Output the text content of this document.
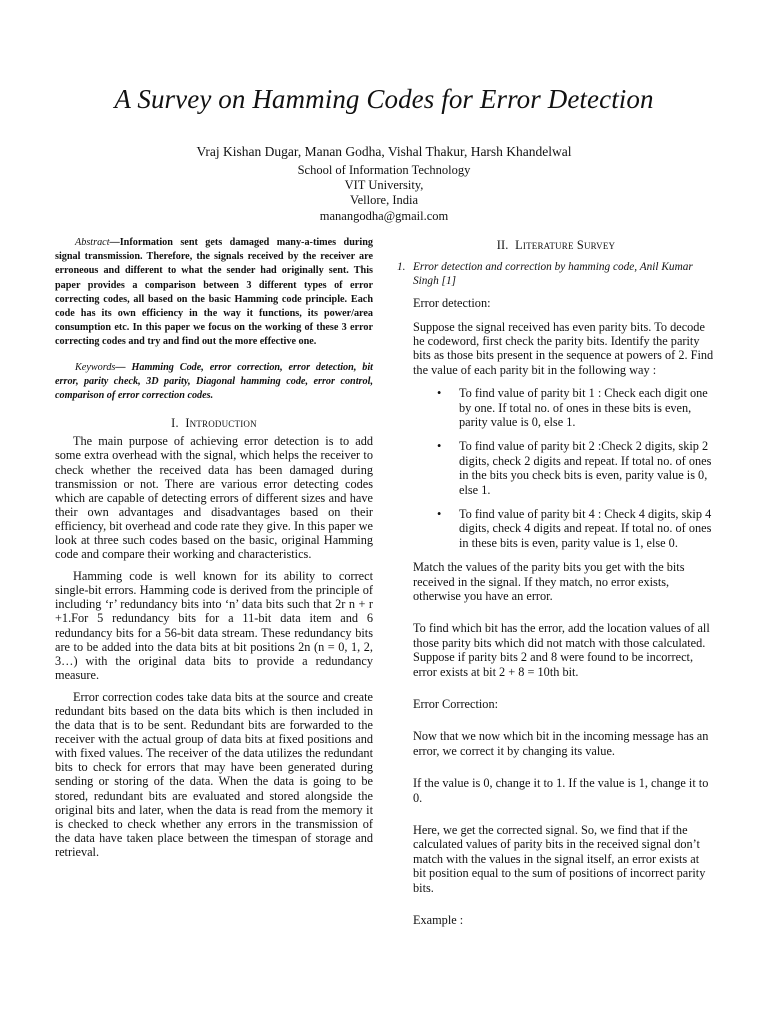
A Survey on Hamming Codes for Error Detection
Vraj Kishan Dugar, Manan Godha, Vishal Thakur, Harsh Khandelwal
School of Information Technology
VIT University,
Vellore, India
manangodha@gmail.com

Abstract—Information sent gets damaged many-a-times during signal transmission. Therefore, the signals received by the receiver are erroneous and different to what the sender had originally sent. This paper provides a comparison between 3 different types of error correcting codes, all based on the basic Hamming code principle. Each code has its own efficiency in the way it functions, its power/area consumption etc. In this paper we focus on the working of these 3 error correcting codes and try and find out the more effective one.

Keywords— Hamming Code, error correction, error detection, bit error, parity check, 3D parity, Diagonal hamming code, error control, comparison of error correction codes.

I. Introduction

The main purpose of achieving error detection is to add some extra overhead with the signal, which helps the receiver to check whether the received data has been damaged during transmission or not. There are various error detecting codes which are capable of detecting errors of different sizes and have their own advantages and disadvantages based on their efficiency, bit overhead and code rate they give. In this paper we look at three such codes based on the basic, original Hamming code and compare their working and characteristics.

Hamming code is well known for its ability to correct single-bit errors. Hamming code is derived from the principle of including ‘r’ redundancy bits into ‘n’ data bits such that 2r n + r +1.For 5 redundancy bits for a 11-bit data item and 6 redundancy bits for a 56-bit data stream. These redundancy bits are to be added into the data bits at bit positions 2n (n = 0, 1, 2, 3…) with the original data bits to provide a redundancy measure.

Error correction codes take data bits at the source and create redundant bits based on the data bits which is then included in the data that is to be sent. Redundant bits are forwarded to the receiver with the actual group of data bits at fixed positions and with fixed values. The receiver of the data utilizes the redundant bits to check for errors that may have been generated during sending or storing of the data. When the data is going to be stored, redundant bits are evaluated and stored alongside the original bits and later, when the data is read from the memory it is checked to check whether any errors in the transmission of the data have taken place between the timespan of storage and retrieval.

II. Literature Survey
1. Error detection and correction by hamming code, Anil Kumar Singh [1]
Error detection:
Suppose the signal received has even parity bits. To decode he codeword, first check the parity bits. Identify the parity bits as those bits present in the sequence at powers of 2. Find the value of each parity bit in the following way :
• To find value of parity bit 1 : Check each digit one by one. If total no. of ones in these bits is even, parity value is 0, else 1.
• To find value of parity bit 2 :Check 2 digits, skip 2 digits, check 2 digits and repeat. If total no. of ones in the bits you check bits is even, parity value is 0, else 1.
• To find value of parity bit 4 : Check 4 digits, skip 4 digits, check 4 digits and repeat. If total no. of ones in these bits is even, parity value is 1, else 0.
Match the values of the parity bits you get with the bits received in the signal. If they match, no error exists, otherwise you have an error.
To find which bit has the error, add the location values of all those parity bits which did not match with those calculated. Suppose if parity bits 2 and 8 were found to be incorrect, error exists at bit 2 + 8 = 10th bit.
Error Correction:
Now that we now which bit in the incoming message has an error, we correct it by changing its value.
If the value is 0, change it to 1. If the value is 1, change it to 0.
Here, we get the corrected signal. So, we find that if the calculated values of parity bits in the received signal don’t match with the values in the signal itself, an error exists at bit position equal to the sum of positions of incorrect parity bits.
Example :
